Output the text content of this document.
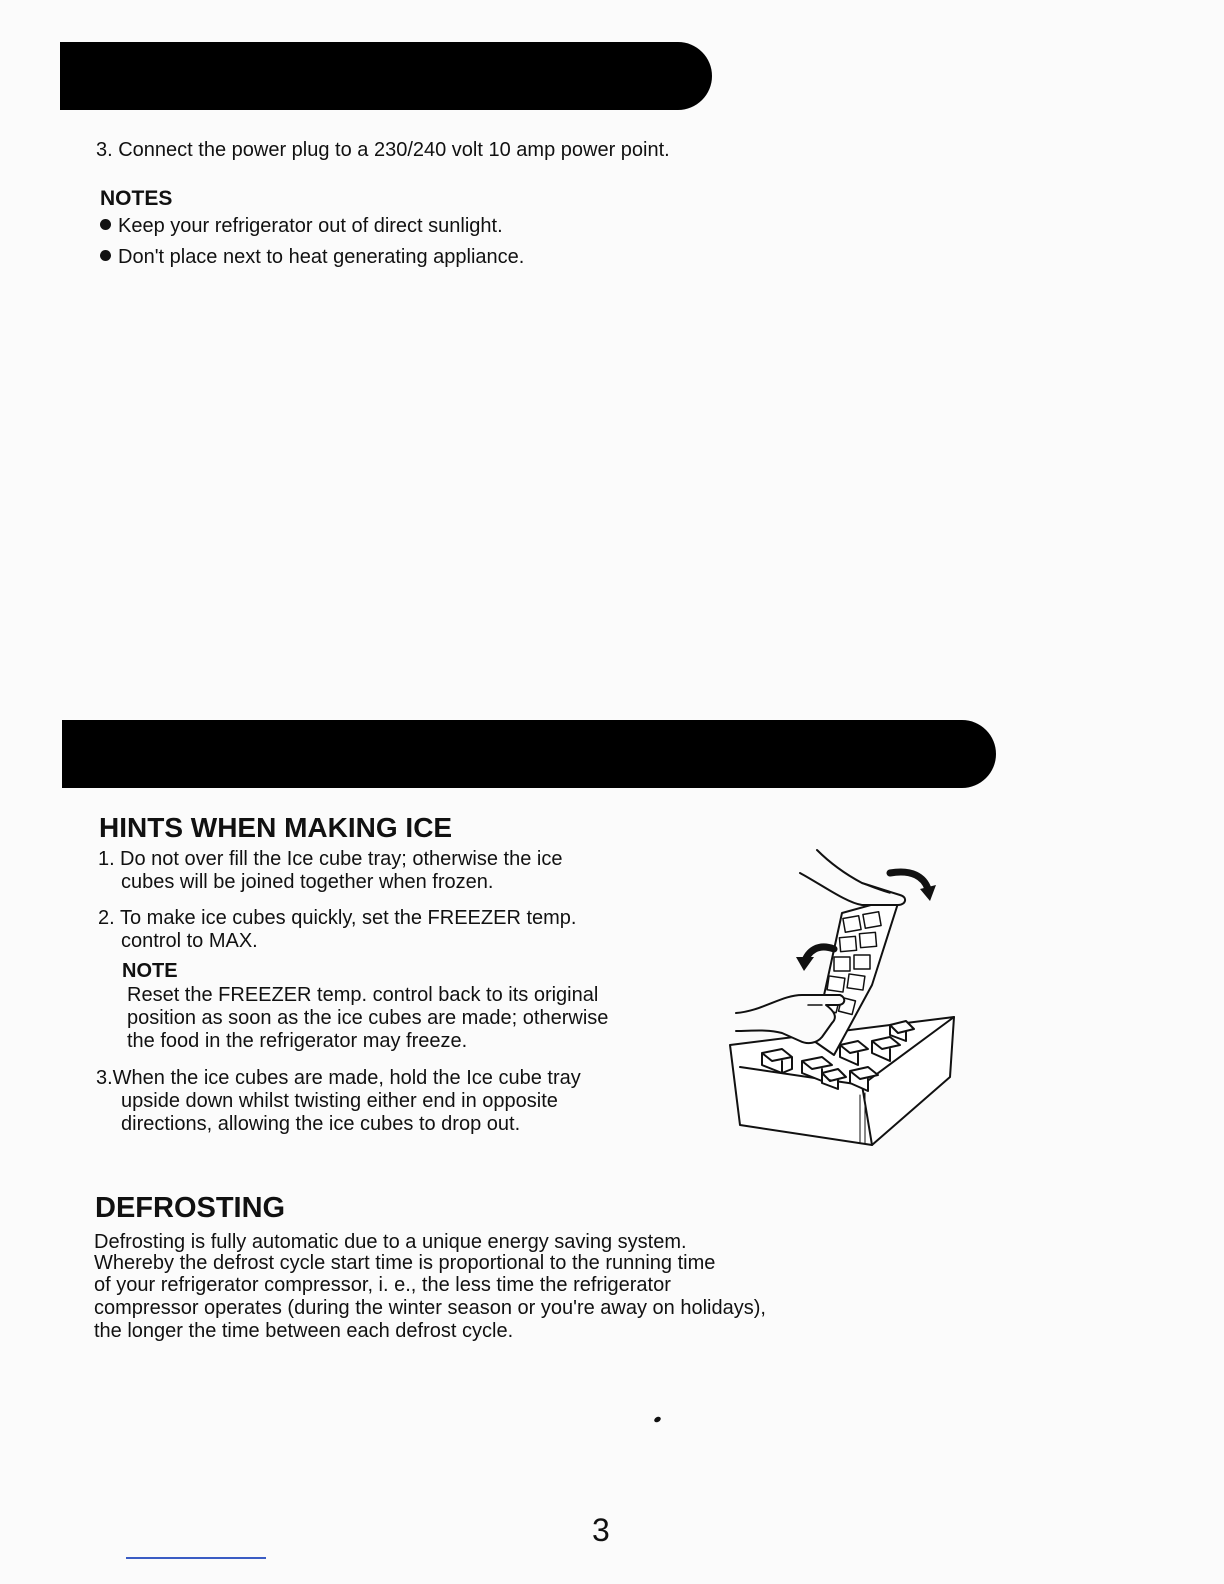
3. Connect the power plug to a 230/240 volt 10 amp power point.
NOTES
Keep your refrigerator out of direct sunlight.
Don't place next to heat generating appliance.
HINTS WHEN MAKING ICE
1. Do not over fill the Ice cube tray; otherwise the ice
cubes will be joined together when frozen.
2. To make ice cubes quickly, set the FREEZER temp.
control to MAX.
NOTE
Reset the FREEZER temp. control back to its original
position as soon as the ice cubes are made; otherwise
the food in the refrigerator may freeze.
3.When the ice cubes are made, hold the Ice cube tray
upside down whilst twisting either end in opposite
directions, allowing the ice cubes to drop out.
DEFROSTING
Defrosting is fully automatic due to a unique energy saving system.
Whereby the defrost cycle start time is proportional to the running time
of your refrigerator compressor, i. e., the less time the refrigerator
compressor operates (during the winter season or you're away on holidays),
the longer the time between each defrost cycle.
3
